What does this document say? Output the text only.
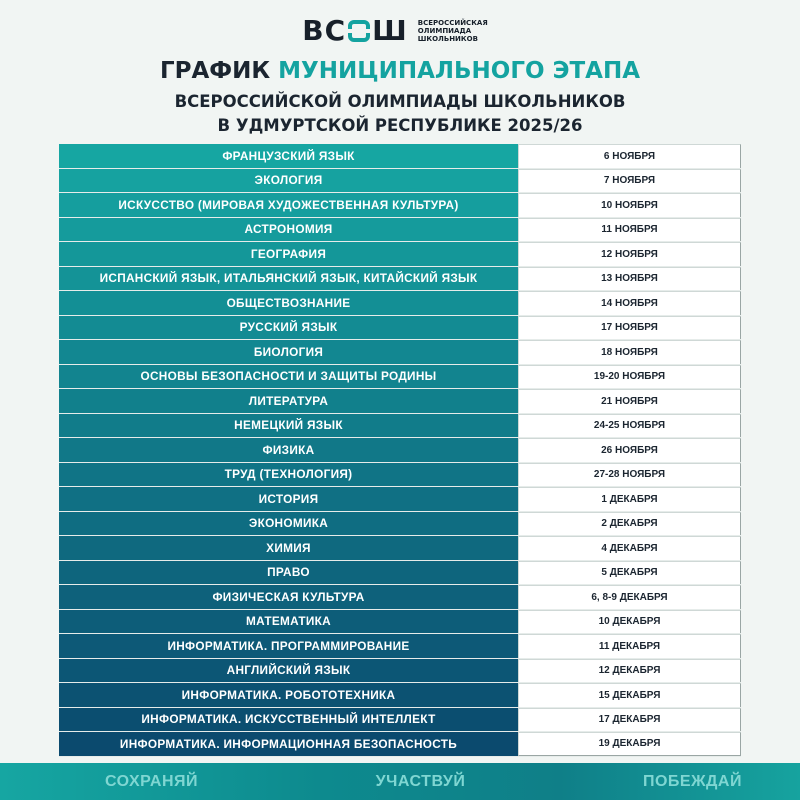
ВС Ш ВСЕРОССИЙСКАЯ
ОЛИМПИАДА
ШКОЛЬНИКОВ
ГРАФИК МУНИЦИПАЛЬНОГО ЭТАПА
ВСЕРОССИЙСКОЙ ОЛИМПИАДЫ ШКОЛЬНИКОВ
В УДМУРТСКОЙ РЕСПУБЛИКЕ 2025/26
ФРАНЦУЗСКИЙ ЯЗЫК	6 НОЯБРЯ
ЭКОЛОГИЯ	7 НОЯБРЯ
ИСКУССТВО (МИРОВАЯ ХУДОЖЕСТВЕННАЯ КУЛЬТУРА)	10 НОЯБРЯ
АСТРОНОМИЯ	11 НОЯБРЯ
ГЕОГРАФИЯ	12 НОЯБРЯ
ИСПАНСКИЙ ЯЗЫК, ИТАЛЬЯНСКИЙ ЯЗЫК, КИТАЙСКИЙ ЯЗЫК	13 НОЯБРЯ
ОБЩЕСТВОЗНАНИЕ	14 НОЯБРЯ
РУССКИЙ ЯЗЫК	17 НОЯБРЯ
БИОЛОГИЯ	18 НОЯБРЯ
ОСНОВЫ БЕЗОПАСНОСТИ И ЗАЩИТЫ РОДИНЫ	19-20 НОЯБРЯ
ЛИТЕРАТУРА	21 НОЯБРЯ
НЕМЕЦКИЙ ЯЗЫК	24-25 НОЯБРЯ
ФИЗИКА	26 НОЯБРЯ
ТРУД (ТЕХНОЛОГИЯ)	27-28 НОЯБРЯ
ИСТОРИЯ	1 ДЕКАБРЯ
ЭКОНОМИКА	2 ДЕКАБРЯ
ХИМИЯ	4 ДЕКАБРЯ
ПРАВО	5 ДЕКАБРЯ
ФИЗИЧЕСКАЯ КУЛЬТУРА	6, 8-9 ДЕКАБРЯ
МАТЕМАТИКА	10 ДЕКАБРЯ
ИНФОРМАТИКА. ПРОГРАММИРОВАНИЕ	11 ДЕКАБРЯ
АНГЛИЙСКИЙ ЯЗЫК	12 ДЕКАБРЯ
ИНФОРМАТИКА. РОБОТОТЕХНИКА	15 ДЕКАБРЯ
ИНФОРМАТИКА. ИСКУССТВЕННЫЙ ИНТЕЛЛЕКТ	17 ДЕКАБРЯ
ИНФОРМАТИКА. ИНФОРМАЦИОННАЯ БЕЗОПАСНОСТЬ	19 ДЕКАБРЯ
СОХРАНЯЙ	УЧАСТВУЙ	ПОБЕЖДАЙ
